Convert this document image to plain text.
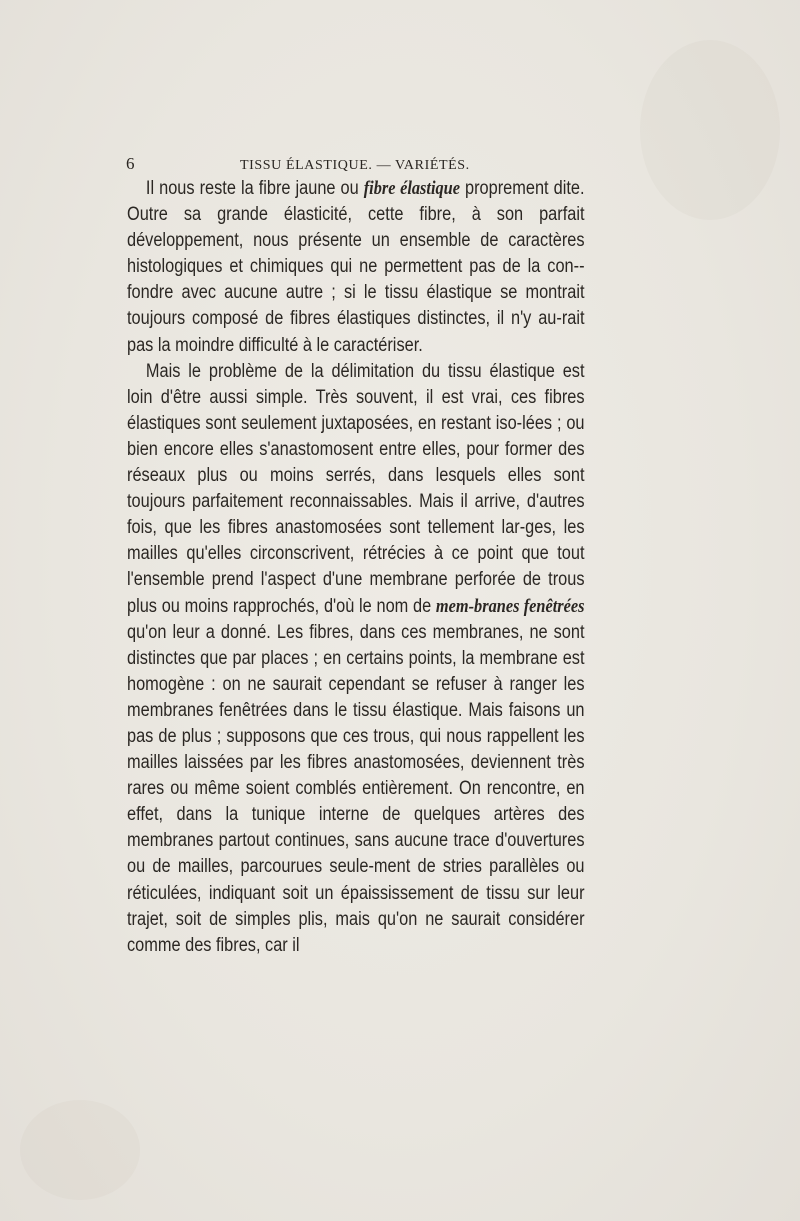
6	TISSU ÉLASTIQUE. — VARIÉTÉS.

Il nous reste la fibre jaune ou fibre élastique proprement dite. Outre sa grande élasticité, cette fibre, à son parfait développement, nous présente un ensemble de caractères histologiques et chimiques qui ne permettent pas de la con-fondre avec aucune autre ; si le tissu élastique se montrait toujours composé de fibres élastiques distinctes, il n'y au-rait pas la moindre difficulté à le caractériser.

Mais le problème de la délimitation du tissu élastique est loin d'être aussi simple. Très souvent, il est vrai, ces fibres élastiques sont seulement juxtaposées, en restant iso-lées ; ou bien encore elles s'anastomosent entre elles, pour former des réseaux plus ou moins serrés, dans lesquels elles sont toujours parfaitement reconnaissables. Mais il arrive, d'autres fois, que les fibres anastomosées sont tellement lar-ges, les mailles qu'elles circonscrivent, rétrécies à ce point que tout l'ensemble prend l'aspect d'une membrane perforée de trous plus ou moins rapprochés, d'où le nom de mem-branes fenêtrées qu'on leur a donné. Les fibres, dans ces membranes, ne sont distinctes que par places ; en certains points, la membrane est homogène : on ne saurait cependant se refuser à ranger les membranes fenêtrées dans le tissu élastique. Mais faisons un pas de plus ; supposons que ces trous, qui nous rappellent les mailles laissées par les fibres anastomosées, deviennent très rares ou même soient comblés entièrement. On rencontre, en effet, dans la tunique interne de quelques artères des membranes partout continues, sans aucune trace d'ouvertures ou de mailles, parcourues seule-ment de stries parallèles ou réticulées, indiquant soit un épaississement de tissu sur leur trajet, soit de simples plis, mais qu'on ne saurait considérer comme des fibres, car il
